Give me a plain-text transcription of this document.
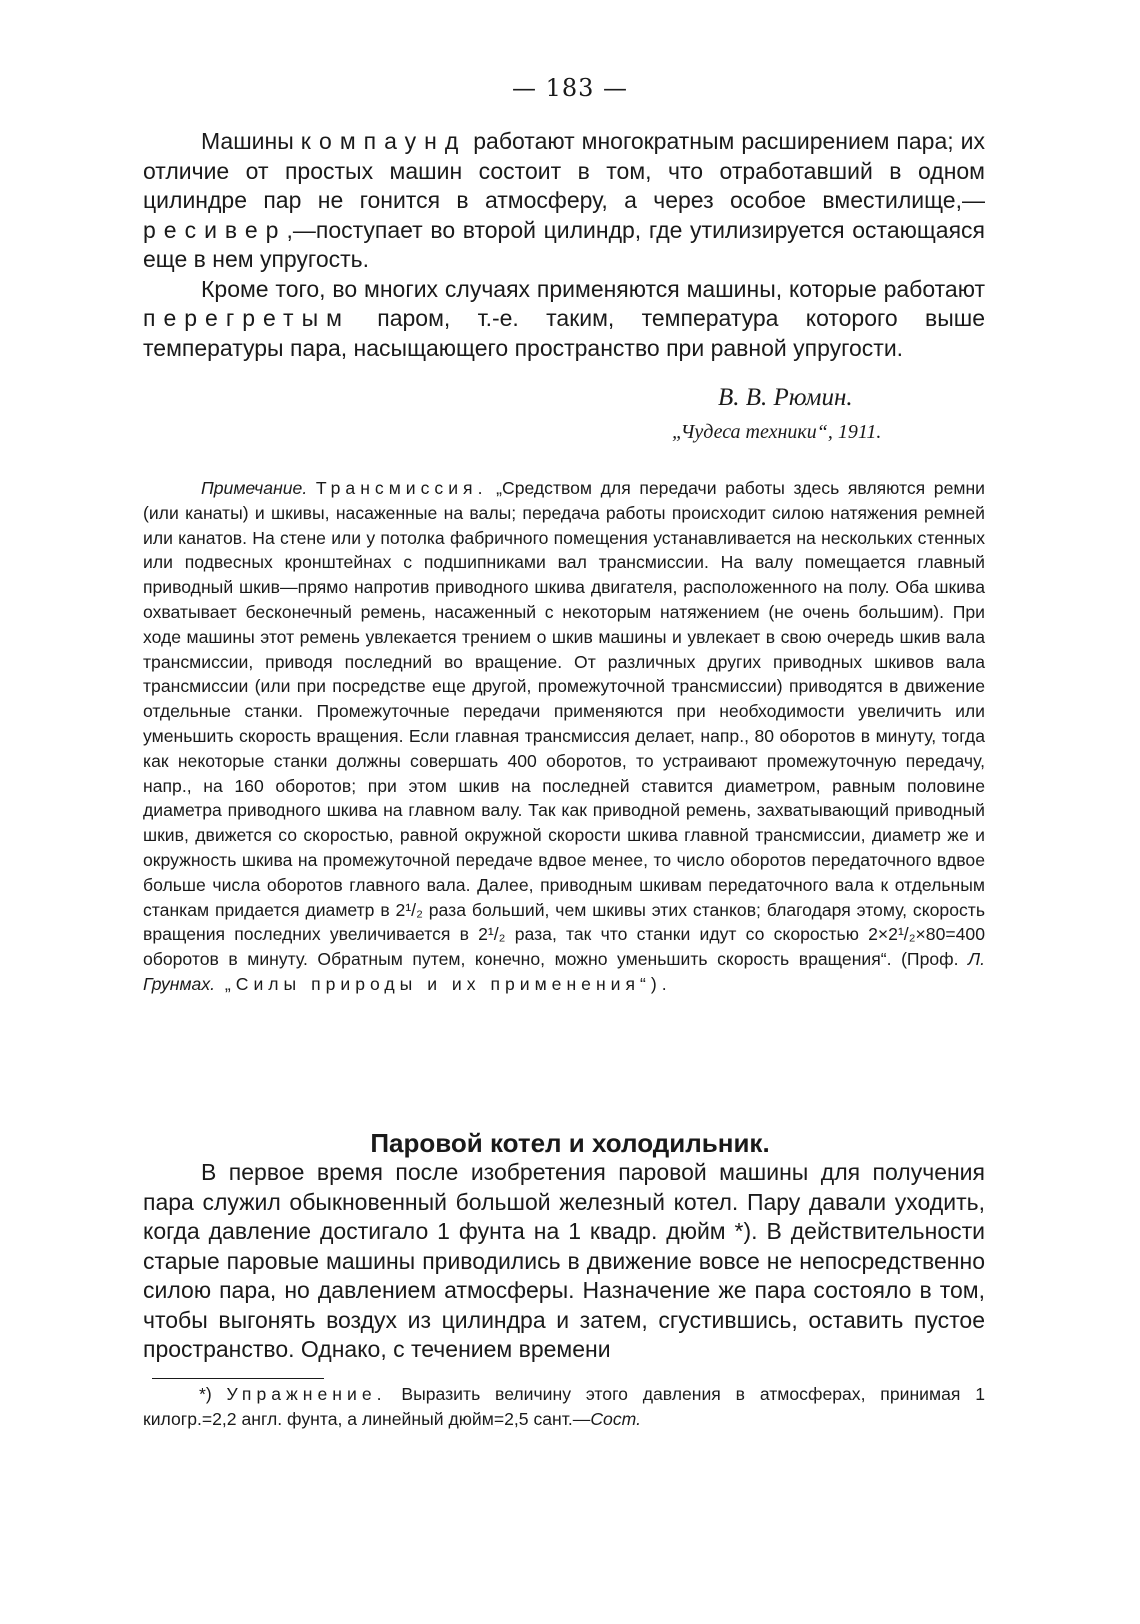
— 183 —

Машины компаунд работают многократным расширением пара; их отличие от простых машин состоит в том, что отработавший в одном цилиндре пар не гонится в атмосферу, а через особое вместилище,—ресивер,—поступает во второй цилиндр, где утилизируется остающаяся еще в нем упругость.

Кроме того, во многих случаях применяются машины, которые работают перегретым паром, т.-е. таким, температура которого выше температуры пара, насыщающего пространство при равной упругости.

В. В. Рюмин.
„Чудеса техники“, 1911.

Примечание. Трансмиссия. „Средством для передачи работы здесь являются ремни (или канаты) и шкивы, насаженные на валы; передача работы происходит силою натяжения ремней или канатов. На стене или у потолка фабричного помещения устанавливается на нескольких стенных или подвесных кронштейнах с подшипниками вал трансмиссии. На валу помещается главный приводный шкив—прямо напротив приводного шкива двигателя, расположенного на полу. Оба шкива охватывает бесконечный ремень, насаженный с некоторым натяжением (не очень большим). При ходе машины этот ремень увлекается трением о шкив машины и увлекает в свою очередь шкив вала трансмиссии, приводя последний во вращение. От различных других приводных шкивов вала трансмиссии (или при посредстве еще другой, промежуточной трансмиссии) приводятся в движение отдельные станки. Промежуточные передачи применяются при необходимости увеличить или уменьшить скорость вращения. Если главная трансмиссия делает, напр., 80 оборотов в минуту, тогда как некоторые станки должны совершать 400 оборотов, то устраивают промежуточную передачу, напр., на 160 оборотов; при этом шкив на последней ставится диаметром, равным половине диаметра приводного шкива на главном валу. Так как приводной ремень, захватывающий приводный шкив, движется со скоростью, равной окружной скорости шкива главной трансмиссии, диаметр же и окружность шкива на промежуточной передаче вдвое менее, то число оборотов передаточного вдвое больше числа оборотов главного вала. Далее, приводным шкивам передаточного вала к отдельным станкам придается диаметр в 2¹/₂ раза больший, чем шкивы этих станков; благодаря этому, скорость вращения последних увеличивается в 2¹/₂ раза, так что станки идут со скоростью 2×2¹/₂×80=400 оборотов в минуту. Обратным путем, конечно, можно уменьшить скорость вращения“. (Проф. Л. Грунмах. „Силы природы и их применения“).

Паровой котел и холодильник.

В первое время после изобретения паровой машины для получения пара служил обыкновенный большой железный котел. Пару давали уходить, когда давление достигало 1 фунта на 1 квадр. дюйм *). В действительности старые паровые машины приводились в движение вовсе не непосредственно силою пара, но давлением атмосферы. Назначение же пара состояло в том, чтобы выгонять воздух из цилиндра и затем, сгустившись, оставить пустое пространство. Однако, с течением времени

*) Упражнение. Выразить величину этого давления в атмосферах, принимая 1 килогр.=2,2 англ. фунта, а линейный дюйм=2,5 сант.—Сост.
